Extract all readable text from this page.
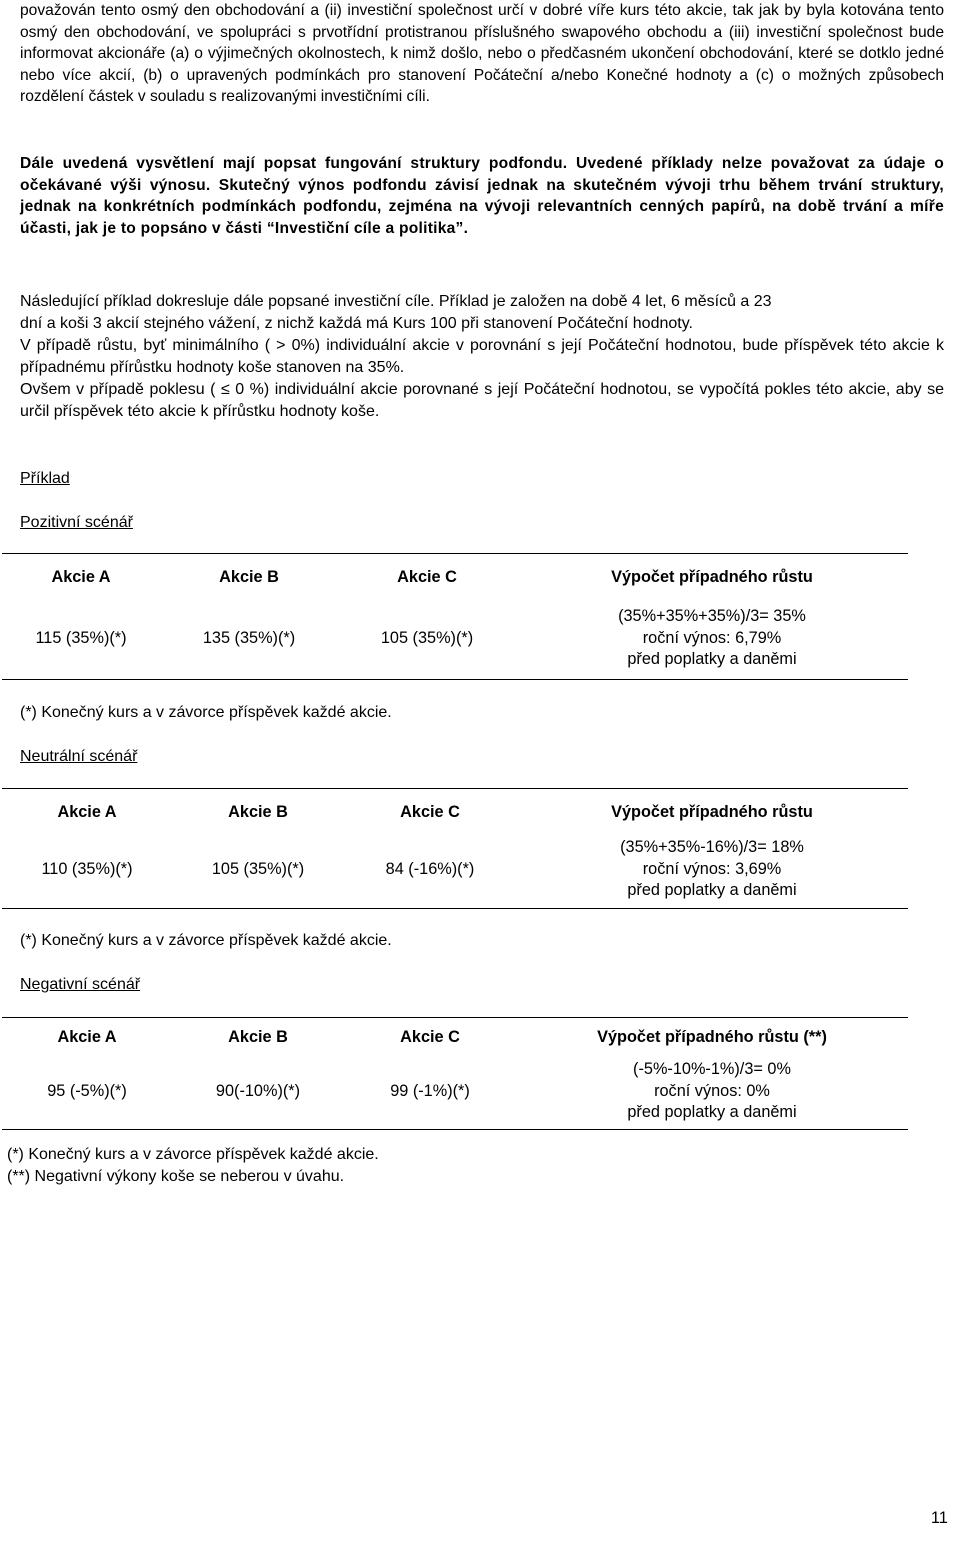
považován tento osmý den obchodování a (ii) investiční společnost určí v dobré víře kurs této akcie, tak jak by byla kotována tento osmý den obchodování, ve spolupráci s prvotřídní protistranou příslušného swapového obchodu a (iii) investiční společnost bude informovat akcionáře (a) o výjimečných okolnostech, k nimž došlo, nebo o předčasném ukončení obchodování, které se dotklo jedné nebo více akcií, (b) o upravených podmínkách pro stanovení Počáteční a/nebo Konečné hodnoty a (c) o možných způsobech rozdělení částek v souladu s realizovanými investičními cíli.
Dále uvedená vysvětlení mají popsat fungování struktury podfondu. Uvedené příklady nelze považovat za údaje o očekávané výši výnosu. Skutečný výnos podfondu závisí jednak na skutečném vývoji trhu během trvání struktury, jednak na konkrétních podmínkách podfondu, zejména na vývoji relevantních cenných papírů, na době trvání a míře účasti, jak je to popsáno v části “Investiční cíle a politika”.
Následující příklad dokresluje dále popsané investiční cíle. Příklad je založen na době 4 let, 6 měsíců a 23
dní a koši 3 akcií stejného vážení, z nichž každá má Kurs 100 při stanovení Počáteční hodnoty.
V případě růstu, byť minimálního ( > 0%) individuální akcie v porovnání s její Počáteční hodnotou, bude příspěvek této akcie k případnému přírůstku hodnoty koše stanoven na 35%.
Ovšem v případě poklesu ( ≤ 0 %) individuální akcie porovnané s její Počáteční hodnotou, se vypočítá pokles této akcie, aby se určil příspěvek této akcie k přírůstku hodnoty koše.
Příklad
Pozitivní scénář
Akcie A	Akcie B	Akcie C	Výpočet případného růstu
115 (35%)(*)	135 (35%)(*)	105 (35%)(*)	(35%+35%+35%)/3= 35%
roční výnos: 6,79%
před poplatky a daněmi
(*) Konečný kurs a v závorce příspěvek každé akcie.
Neutrální scénář
Akcie A	Akcie B	Akcie C	Výpočet případného růstu
110 (35%)(*)	105 (35%)(*)	84 (-16%)(*)	(35%+35%-16%)/3= 18%
roční výnos: 3,69%
před poplatky a daněmi
(*) Konečný kurs a v závorce příspěvek každé akcie.
Negativní scénář
Akcie A	Akcie B	Akcie C	Výpočet případného růstu (**)
95 (-5%)(*)	90(-10%)(*)	99 (-1%)(*)	(-5%-10%-1%)/3= 0%
roční výnos: 0%
před poplatky a daněmi
(*) Konečný kurs a v závorce příspěvek každé akcie.
(**) Negativní výkony koše se neberou v úvahu.
11
